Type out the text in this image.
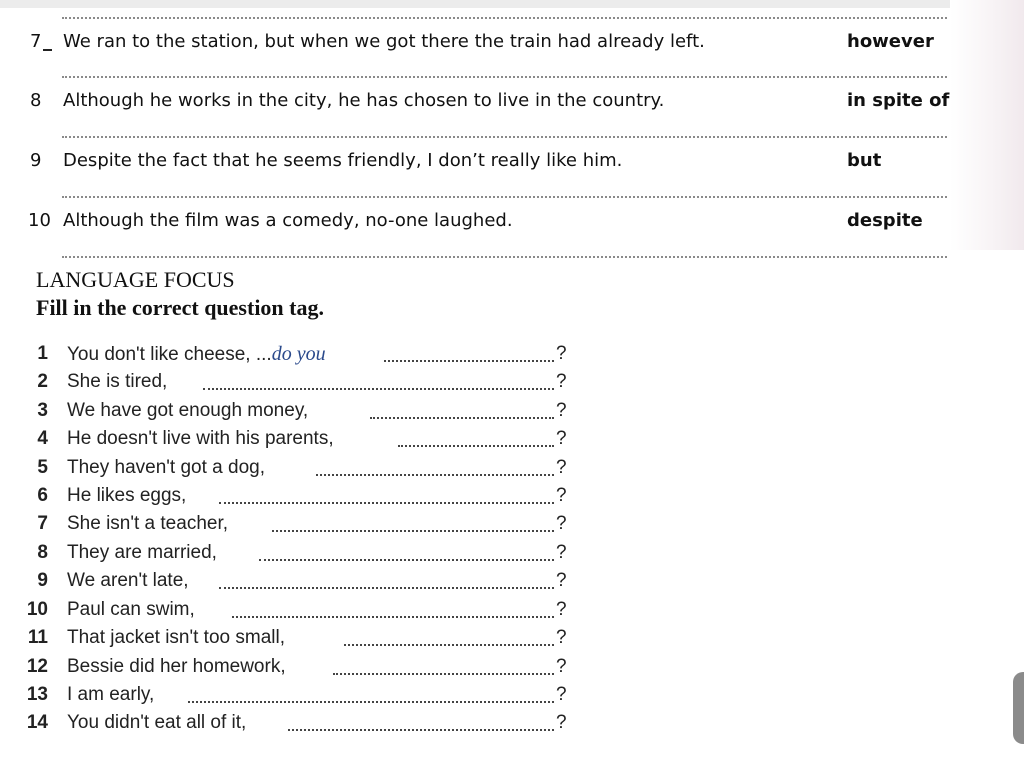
7 We ran to the station, but when we got there the train had already left.	however
8 Although he works in the city, he has chosen to live in the country.	in spite of
9 Despite the fact that he seems friendly, I don’t really like him.	but
10 Although the film was a comedy, no-one laughed.	despite
LANGUAGE FOCUS
Fill in the correct question tag.
1 You don't like cheese, ...do you	?
2 She is tired,	?
3 We have got enough money,	?
4 He doesn't live with his parents,	?
5 They haven't got a dog,	?
6 He likes eggs,	?
7 She isn't a teacher,	?
8 They are married,	?
9 We aren't late,	?
10 Paul can swim,	?
11 That jacket isn't too small,	?
12 Bessie did her homework,	?
13 I am early,	?
14 You didn't eat all of it,	?
